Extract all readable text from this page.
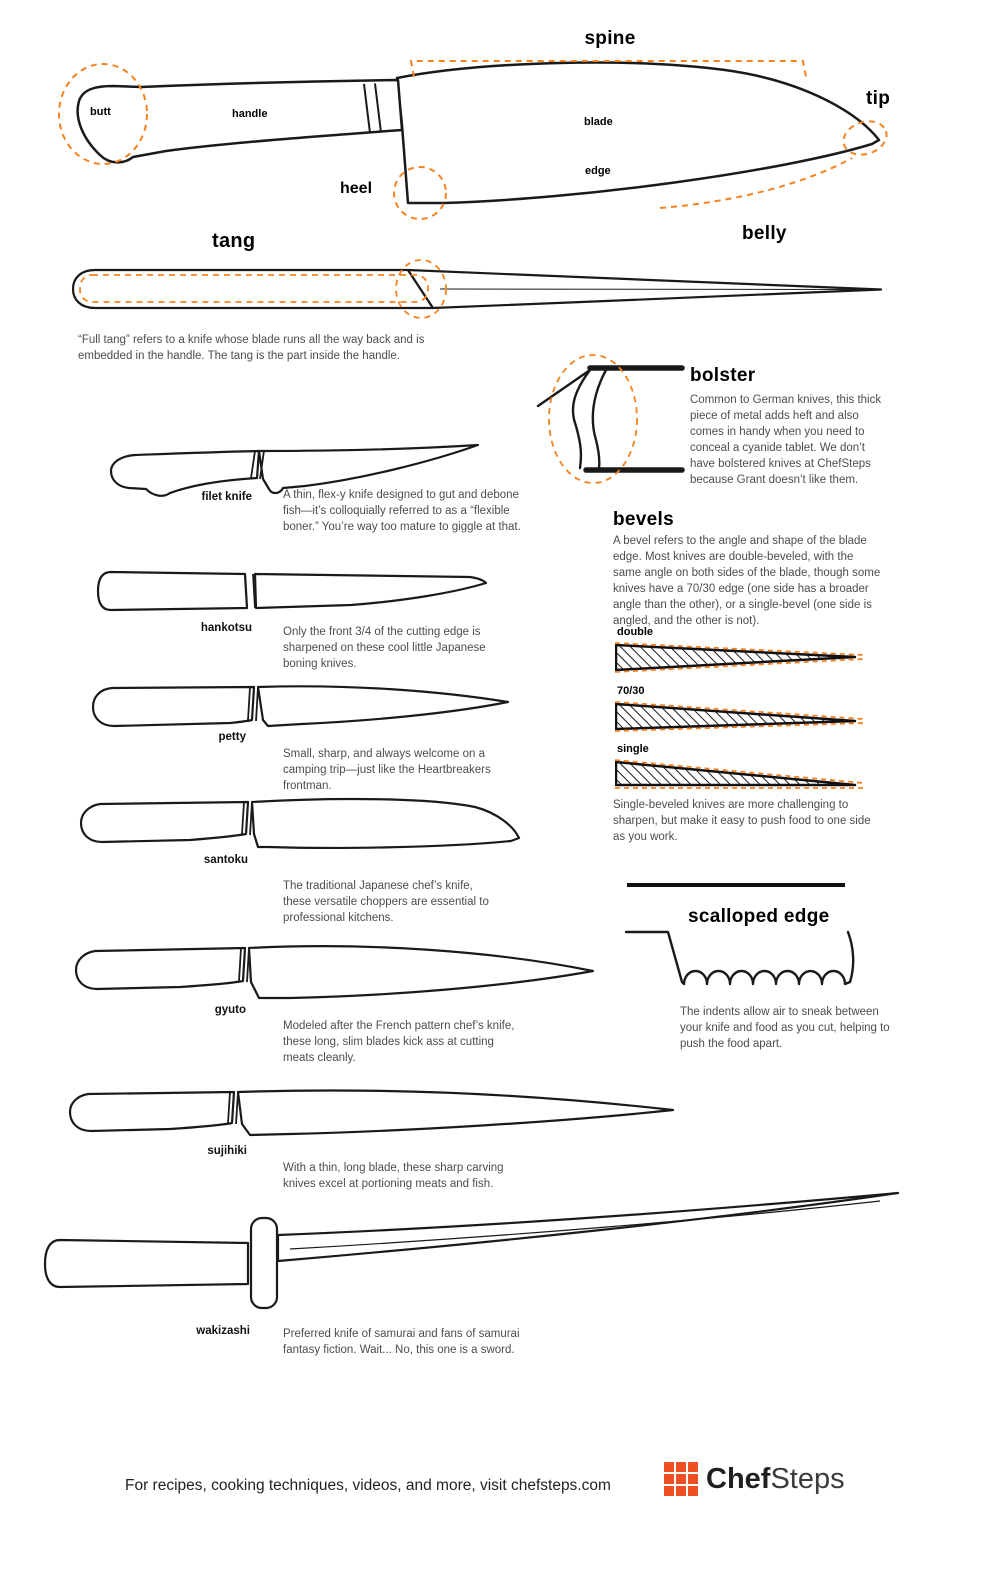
spine
tip
butt	handle
blade
edge
heel
belly
tang
“Full tang” refers to a knife whose blade runs all the way back and is embedded in the handle. The tang is the part inside the handle.
bolster
Common to German knives, this thick piece of metal adds heft and also comes in handy when you need to conceal a cyanide tablet. We don’t have bolstered knives at ChefSteps because Grant doesn’t like them.
bevels
A bevel refers to the angle and shape of the blade edge. Most knives are double-beveled, with the same angle on both sides of the blade, though some knives have a 70/30 edge (one side has a broader angle than the other), or a single-bevel (one side is angled, and the other is not).
double
70/30
single
Single-beveled knives are more challenging to sharpen, but make it easy to push food to one side as you work.
scalloped edge
The indents allow air to sneak between your knife and food as you cut, helping to push the food apart.
filet knife	A thin, flex-y knife designed to gut and debone fish—it’s colloquially referred to as a “flexible boner.” You’re way too mature to giggle at that.
hankotsu	Only the front 3/4 of the cutting edge is sharpened on these cool little Japanese boning knives.
petty
Small, sharp, and always welcome on a camping trip—just like the Heartbreakers frontman.
santoku
The traditional Japanese chef’s knife, these versatile choppers are essential to professional kitchens.
gyuto
Modeled after the French pattern chef’s knife, these long, slim blades kick ass at cutting meats cleanly.
sujihiki
With a thin, long blade, these sharp carving knives excel at portioning meats and fish.
wakizashi	Preferred knife of samurai and fans of samurai fantasy fiction. Wait... No, this one is a sword.
For recipes, cooking techniques, videos, and more, visit chefsteps.com	ChefSteps
